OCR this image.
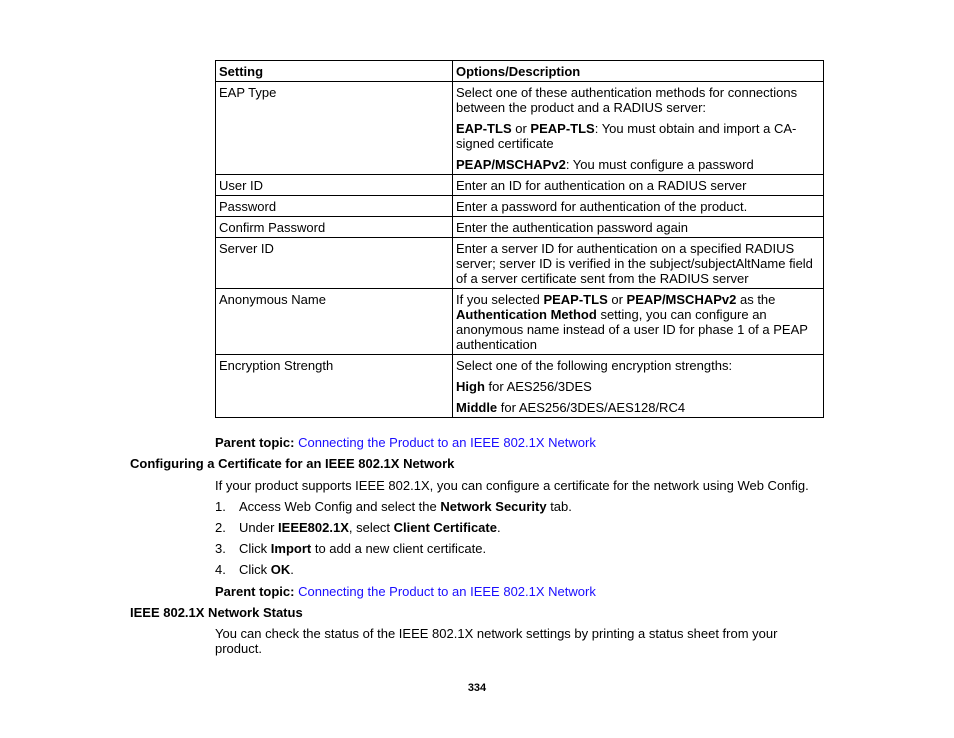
Setting	Options/Description
EAP Type	Select one of these authentication methods for connections between the product and a RADIUS server:

EAP-TLS or PEAP-TLS: You must obtain and import a CA-signed certificate

PEAP/MSCHAPv2: You must configure a password

User ID	Enter an ID for authentication on a RADIUS server
Password	Enter a password for authentication of the product.
Confirm Password	Enter the authentication password again
Server ID	Enter a server ID for authentication on a specified RADIUS server; server ID is verified in the subject/subjectAltName field of a server certificate sent from the RADIUS server
Anonymous Name	If you selected PEAP-TLS or PEAP/MSCHAPv2 as the Authentication Method setting, you can configure an anonymous name instead of a user ID for phase 1 of a PEAP authentication
Encryption Strength	Select one of the following encryption strengths:

High for AES256/3DES

Middle for AES256/3DES/AES128/RC4

Parent topic: Connecting the Product to an IEEE 802.1X Network
Configuring a Certificate for an IEEE 802.1X Network
If your product supports IEEE 802.1X, you can configure a certificate for the network using Web Config.
1. Access Web Config and select the Network Security tab.
2. Under IEEE802.1X, select Client Certificate.
3. Click Import to add a new client certificate.
4. Click OK.
Parent topic: Connecting the Product to an IEEE 802.1X Network
IEEE 802.1X Network Status
You can check the status of the IEEE 802.1X network settings by printing a status sheet from your product.
334
